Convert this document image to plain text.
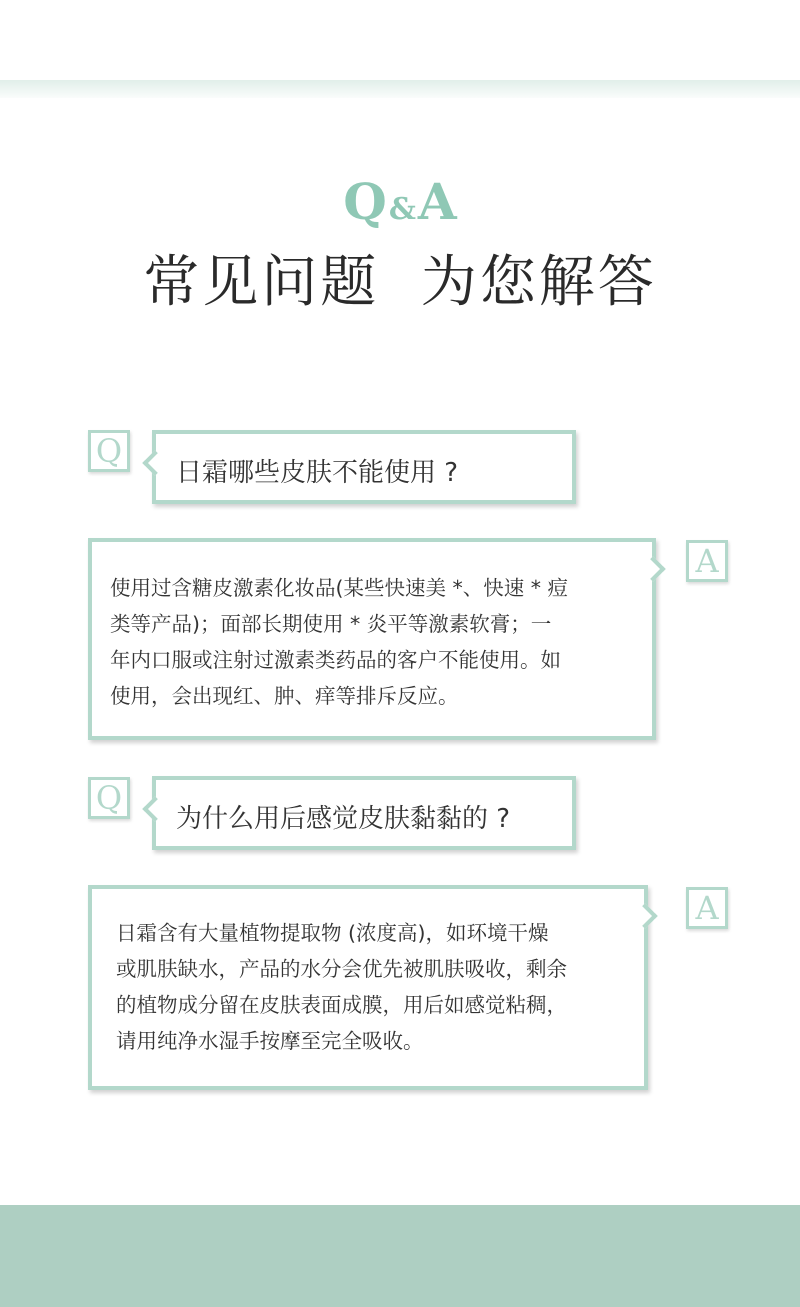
Q&A
常见问题  为您解答
Q
日霜哪些皮肤不能使用 ?
使用过含糖皮激素化妆品(某些快速美 *、快速 * 痘
类等产品)；面部长期使用 * 炎平等激素软膏；一
年内口服或注射过激素类药品的客户不能使用。如
使用，会出现红、肿、痒等排斥反应。
A
Q
为什么用后感觉皮肤黏黏的 ?
日霜含有大量植物提取物 (浓度高)，如环境干燥
或肌肤缺水，产品的水分会优先被肌肤吸收，剩余
的植物成分留在皮肤表面成膜，用后如感觉粘稠，
请用纯净水湿手按摩至完全吸收。
A
